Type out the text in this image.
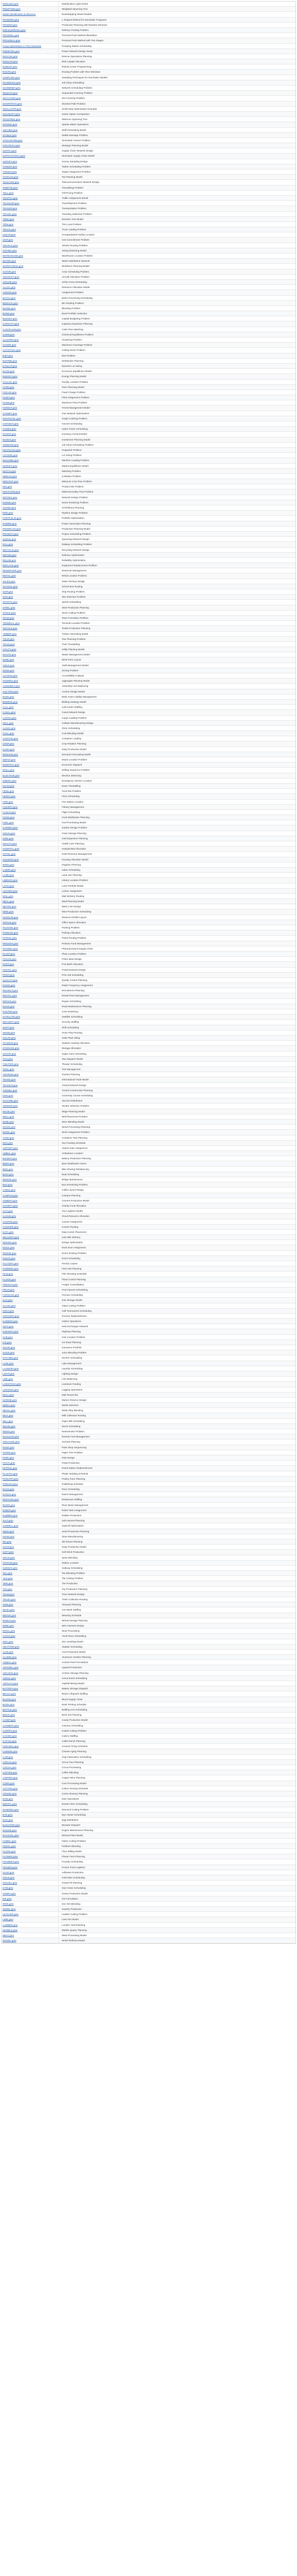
MultiLabel.gms	Multilocation Light Series
PRWPTWM.gms	Weighted Spanning Tree
Model Identification & Inference	Bootstrapping Mixed Models
PRODREF.gms	L-Shaped Method for Stochastic Programs
PRODSP.gms	Production Planning with Random Demand
RefineryDiffusion.gms	Refinery Pooling Problem
PROXDEL.gms	Proximal Point Method Illustration
PROXDEL2.gms	Proximal Point Method with Two Stages
Pump Optimization in Flow Networks	Pumping Station Scheduling
PWNETDS.gms	Power Network Design Study
RESCUE.gms	Rescue Operations Planning
RISKCAP.gms	Risk Capital Allocation
ROBUST.gms	Robust Linear Programming
ROUTE.gms	Routing Problem with Time Windows
SAMPLING.gms	Sampling Techniques for Stochastic Models
SCHEDULE.gms	Job Shop Scheduling
SCHEDNET.gms	Network Scheduling Problem
SEQCOV.gms	Sequential Covering Problem
SETCOVER.gms	Set Covering Problem
SHORTPATH.gms	Shortest Path Problem
SMALLSTEP.gms	Small Step Optimization Example
SOLVEOPT.gms	Solver Option Comparison
SPANTREE.gms	Minimum Spanning Tree
SPARSE.gms	Sparse Matrix Operations
SSCHED.gms	Staff Scheduling Model
STABLE.gms	Stable Marriage Problem
STOCHFARM.gms	Stochastic Farmer Problem
STRATEGY.gms	Strategic Planning Model
SUPPLY.gms	Supply Chain Network Design
SUPPLYSTOCH.gms	Stochastic Supply Chain Model
SURVEY.gms	Survey Sampling Design
TANKER.gms	Tanker Scheduling Problem
TARGET.gms	Target Assignment Problem
TAXPLAN.gms	Tax Planning Model
TELECOM.gms	Telecommunication Network Design
TIMETAB.gms	Timetabling Problem
TOLL.gms	Toll Pricing Problem
TRAFFIC.gms	Traffic Assignment Model
TRANSHIP.gms	Transshipment Problem
TRANSP.gms	Transportation Problem
TRAVEL.gms	Traveling Salesman Problem
TREE.gms	Decision Tree Model
TRIM.gms	Trim Loss Problem
TRUCK.gms	Truck Loading Problem
UNCAP.gms	Uncapacitated Facility Location
UNIT.gms	Unit Commitment Problem
VEHICLE.gms	Vehicle Routing Problem
VOTING.gms	Voting Districting Model
WAREHOUSE.gms	Warehouse Location Problem
WATER.gms	Water Distribution Network
WORKFORCE.gms	Workforce Planning Model
ACTOR.gms	Actor Scheduling Problem
AIRCRAFT.gms	Aircraft Allocation Problem
AIRLINE.gms	Airline Crew Scheduling
ALLOC.gms	Resource Allocation Model
ASSIGN.gms	Assignment Problem
BATCH.gms	Batch Processing Scheduling
BINPACK.gms	Bin Packing Problem
BLEND.gms	Blending Problem
BOND.gms	Bond Portfolio Selection
BUDGET.gms	Capital Budgeting Problem
CAPACITY.gms	Capacity Expansion Planning
CASHFLOW.gms	Cash Flow Matching
CHEM.gms	Chemical Equilibrium Problem
CLUSTER.gms	Clustering Problem
COVER.gms	Maximum Coverage Problem
CUTSTOCK.gms	Cutting Stock Problem
DIET.gms	Diet Problem
DISTRIB.gms	Distribution Planning
DYNLOT.gms	Dynamic Lot Sizing
ECON.gms	Economic Equilibrium Model
ENERGY.gms	Energy Planning Model
FACLOC.gms	Facility Location Problem
FARM.gms	Farm Planning Model
FIXCHG.gms	Fixed Charge Problem
FLEET.gms	Fleet Assignment Problem
FLOW.gms	Maximum Flow Problem
FOREST.gms	Forest Management Model
GASNET.gms	Gas Network Optimization
GRAPHCOL.gms	Graph Coloring Problem
HARVEST.gms	Harvest Scheduling
HYDRO.gms	Hydro Power Scheduling
INVENT.gms	Inventory Control Model
INVEST.gms	Investment Planning Model
JOBSHOP.gms	Job Shop Scheduling Problem
KNAPSACK.gms	Knapsack Problem
LOTSIZE.gms	Lot Sizing Problem
MACHINE.gms	Machine Loading Problem
MARKET.gms	Market Equilibrium Model
MATCH.gms	Matching Problem
MEDIAN.gms	p-Median Problem
MINCOST.gms	Minimum Cost Flow Problem
MIX.gms	Product Mix Problem
MULTICOM.gms	Multicommodity Flow Problem
NETDES.gms	Network Design Problem
NURSE.gms	Nurse Rostering Problem
OILREF.gms	Oil Refinery Planning
PIPE.gms	Pipeline Design Problem
PORTFOLIO.gms	Portfolio Optimization
POWER.gms	Power Generation Planning
PRODPLAN.gms	Production Planning Model
PROJECT.gms	Project Scheduling Problem
QUEUE.gms	Queueing Network Design
RAIL.gms	Railway Scheduling Problem
RECYCLE.gms	Recycling Network Design
REFINE.gms	Refinery Optimization
RELIAB.gms	Reliability Optimization
REPLACE.gms	Equipment Replacement Problem
RESERVOIR.gms	Reservoir Management
RETAIL.gms	Retail Location Problem
SALES.gms	Sales Territory Design
SCHOOL.gms	School Bus Routing
SHIP.gms	Ship Routing Problem
SITE.gms	Site Selection Problem
SPORTS.gms	Sports Scheduling
STEEL.gms	Steel Production Planning
STOCK.gms	Stock Cutting Problem
TEAM.gms	Team Formation Problem
TERMINAL.gms	Terminal Location Problem
TEXTILE.gms	Textile Production Planning
TIMBER.gms	Timber Harvesting Model
TOUR.gms	Tour Planning Problem
TRAIN.gms	Train Timetabling
UTILITY.gms	Utility Planning Model
WASTE.gms	Waste Management Model
WIND.gms	Wind Farm Layout
YIELD.gms	Yield Management Model
ZONE.gms	Zoning Problem
ACCESS.gms	Accessibility Analysis
AGGREG.gms	Aggregate Planning Model
ASSEMBLY.gms	Assembly Line Balancing
AUCTION.gms	Auction Design Model
BANK.gms	Bank Asset Liability Management
BIDDING.gms	Bidding Strategy Model
CALL.gms	Call Center Staffing
CANAL.gms	Canal Network Design
CARGO.gms	Cargo Loading Problem
CELL.gms	Cellular Manufacturing Design
CLINIC.gms	Clinic Scheduling
COAL.gms	Coal Blending Model
CONTAIN.gms	Container Loading
CROP.gms	Crop Rotation Planning
DAIRY.gms	Dairy Production Model
DEMAND.gms	Demand Forecasting Model
DEPOT.gms	Depot Location Problem
DISPATCH.gms	Economic Dispatch
DRILL.gms	Drilling Sequence Problem
ELECTION.gms	Election Districting
EMERG.gms	Emergency Service Location
EXAM.gms	Exam Timetabling
FEED.gms	Feed Mix Problem
FERRY.gms	Ferry Scheduling
FIRE.gms	Fire Station Location
FISHERY.gms	Fishery Management
FLIGHT.gms	Flight Scheduling
FOOD.gms	Food Distribution Planning
FUEL.gms	Fuel Purchasing Model
GARDEN.gms	Garden Design Problem
GRAIN.gms	Grain Storage Planning
GRID.gms	Grid Expansion Planning
HEALTH.gms	Health Care Planning
HOSPITAL.gms	Hospital Bed Allocation
HOTEL.gms	Hotel Revenue Management
HOUSING.gms	Housing Allocation Model
IRRIG.gms	Irrigation Planning
LABOR.gms	Labor Scheduling
LAND.gms	Land Use Planning
LIBRARY.gms	Library Location Problem
LOAN.gms	Loan Portfolio Model
LOCKER.gms	Locker Assignment
MAIL.gms	Mail Delivery Routing
MEAL.gms	Meal Planning Model
METRO.gms	Metro Line Design
MINE.gms	Mine Production Scheduling
MUSEUM.gms	Museum Exhibit Layout
OFFICE.gms	Office Space Allocation
PACKING.gms	Packing Problem
PARKING.gms	Parking Allocation
PATROL.gms	Patrol Routing Problem
PENSION.gms	Pension Fund Management
PHARMA.gms	Pharmaceutical Supply Chain
PLANT.gms	Plant Location Problem
POLICE.gms	Police Beat Design
PORT.gms	Port Berth Allocation
POSTAL.gms	Postal Network Design
PRINT.gms	Print Job Scheduling
QUALITY.gms	Quality Control Planning
RADIO.gms	Radio Frequency Assignment
RECRUIT.gms	Recruitment Planning
RENTAL.gms	Rental Fleet Management
REPAIR.gms	Repair Scheduling
ROAD.gms	Road Maintenance Planning
ROSTER.gms	Crew Rostering
SATELLITE.gms	Satellite Scheduling
SECURITY.gms	Security Staffing
SHIFT.gms	Shift Scheduling
SNOW.gms	Snow Plow Routing
SOLAR.gms	Solar Plant Siting
STADIUM.gms	Stadium Seating Allocation
STORAGE.gms	Storage Allocation
SUGAR.gms	Sugar Cane Harvesting
TAXI.gms	Taxi Dispatch Model
THEATER.gms	Theater Scheduling
TOOL.gms	Tool Management
TOURISM.gms	Tourism Planning
TRADE.gms	International Trade Model
TRANSIT.gms	Transit Network Design
TUNNEL.gms	Tunnel Construction Planning
UNIV.gms	University Course Scheduling
VACCINE.gms	Vaccine Distribution
VENDOR.gms	Vendor Selection Problem
WAGE.gms	Wage Planning Model
WELL.gms	Well Placement Problem
WINE.gms	Wine Blending Model
WOOD.gms	Wood Processing Planning
WORK.gms	Work Assignment Problem
YARD.gms	Container Yard Planning
ZOO.gms	Zoo Feeding Schedule
AIRPORT.gms	Airport Gate Assignment
AMBUL.gms	Ambulance Location
BAKERY.gms	Bakery Production Planning
BEER.gms	Beer Distribution Game
BIKE.gms	Bike Sharing Rebalancing
BOAT.gms	Boat Scheduling
BRIDGE.gms	Bridge Maintenance
BUS.gms	Bus Scheduling Problem
CABLE.gms	Cable Layout Design
CAMPUS.gms	Campus Planning
CEMENT.gms	Cement Production Model
CHARITY.gms	Charity Fund Allocation
CITY.gms	City Logistics Model
CLOUD.gms	Cloud Resource Allocation
COURSE.gms	Course Assignment
COURIER.gms	Courier Routing
DATA.gms	Data Center Placement
DELIVERY.gms	Last Mile Delivery
DESIGN.gms	Design Optimization
DOCK.gms	Dock Door Assignment
DRONE.gms	Drone Routing Problem
EVENT.gms	Event Scheduling
FACTORY.gms	Factory Layout
FARMMIX.gms	Farm Mix Planning
FILM.gms	Film Shooting Schedule
FLOOD.gms	Flood Control Planning
FREIGHT.gms	Freight Consolidation
FRUIT.gms	Fruit Harvest Scheduling
FURNACE.gms	Furnace Scheduling
GAS.gms	Gas Storage Model
GLASS.gms	Glass Cutting Problem
GOLF.gms	Golf Tournament Scheduling
GROCERY.gms	Grocery Replenishment
HARBOR.gms	Harbor Operations
HEAT.gms	Heat Exchanger Network
HIGHWAY.gms	Highway Planning
HUB.gms	Hub Location Problem
ICE.gms	Ice Road Planning
INSUR.gms	Insurance Portfolio
JUICE.gms	Juice Blending Problem
KITCHEN.gms	Kitchen Scheduling
LAKE.gms	Lake Management
LAUNDRY.gms	Laundry Scheduling
LIGHT.gms	Lighting Design
LINE.gms	Line Balancing
LIVESTOCK.gms	Livestock Feeding
LOGGING.gms	Logging Operations
MALL.gms	Mall Tenant Mix
MARINE.gms	Marine Reserve Design
MEDIA.gms	Media Selection
METAL.gms	Metal Alloy Blending
MILK.gms	Milk Collection Routing
MILL.gms	Paper Mill Scheduling
MOVIE.gms	Movie Scheduling
NEWS.gms	Newsvendor Problem
NUCLEAR.gms	Nuclear Fuel Management
ORCHARD.gms	Orchard Planning
PAINT.gms	Paint Shop Sequencing
PAPER.gms	Paper Trim Problem
PARK.gms	Park Design
PASTA.gms	Pasta Production
PETROL.gms	Petrol Station Replenishment
PLASTIC.gms	Plastic Molding Schedule
POULTRY.gms	Poultry Farm Planning
PUBLISH.gms	Publishing Schedule
RACE.gms	Race Scheduling
RANCH.gms	Ranch Management
RESTAUR.gms	Restaurant Staffing
RIVER.gms	River Basin Management
ROBOT.gms	Robot Task Assignment
RUBBER.gms	Rubber Production
SALT.gms	Salt Harvest Planning
SAWMILL.gms	Sawmill Optimization
SEED.gms	Seed Production Planning
SHOE.gms	Shoe Manufacturing
SKI.gms	Ski Resort Planning
SOAP.gms	Soap Production Model
SOFT.gms	Soft Drink Production
SPICE.gms	Spice Blending
STATION.gms	Station Location
SUBWAY.gms	Subway Scheduling
TEA.gms	Tea Blending Problem
TILE.gms	Tile Cutting Problem
TIRE.gms	Tire Production
TOY.gms	Toy Production Planning
TRAM.gms	Tram Network Design
TRASH.gms	Trash Collection Routing
VINE.gms	Vineyard Planning
WASH.gms	Car Wash Staffing
WEAVE.gms	Weaving Schedule
WHEAT.gms	Wheat Storage Planning
WIRE.gms	Wire Harness Design
WOOL.gms	Wool Processing
YACHT.gms	Yacht Race Scheduling
ZINC.gms	Zinc Smelting Model
ABATTOIR.gms	Abattoir Scheduling
ACID.gms	Acid Production Model
ALUMIN.gms	Aluminum Smelter Planning
ANIMAL.gms	Animal Feed Formulation
APPAREL.gms	Apparel Production
ARCHIVE.gms	Archive Storage Planning
ARENA.gms	Arena Event Scheduling
ASPHALT.gms	Asphalt Mixing Model
BATTERY.gms	Battery Storage Dispatch
BEACH.gms	Beach Lifeguard Staffing
BLOOD.gms	Blood Supply Chain
BOOK.gms	Book Printing Schedule
BOTTLE.gms	Bottling Line Scheduling
BRICK.gms	Brick Kiln Planning
CANDY.gms	Candy Production Model
CANNERY.gms	Cannery Scheduling
CARPET.gms	Carpet Cutting Problem
CASINO.gms	Casino Staffing
CATTLE.gms	Cattle Ranch Planning
CERAMIC.gms	Ceramic Firing Schedule
CHEESE.gms	Cheese Aging Planning
CHIP.gms	Chip Fabrication Scheduling
CIRCUS.gms	Circus Tour Planning
COCOA.gms	Cocoa Processing
COFFEE.gms	Coffee Blending
COPPER.gms	Copper Mine Planning
CORN.gms	Corn Processing Model
COTTON.gms	Cotton Ginning Schedule
CRUISE.gms	Cruise Itinerary Planning
DAM.gms	Dam Operations
DENTAL.gms	Dental Clinic Scheduling
DIAMOND.gms	Diamond Cutting Problem
DYE.gms	Dye House Scheduling
EGG.gms	Egg Distribution
ELEVATOR.gms	Elevator Dispatch
ENGINE.gms	Engine Maintenance Planning
ETHANOL.gms	Ethanol Plant Model
FABRIC.gms	Fabric Cutting Problem
FERTIL.gms	Fertilizer Blending
FLOUR.gms	Flour Milling Model
FLOWER.gms	Flower Farm Planning
FOUNDRY.gms	Foundry Scheduling
FROZEN.gms	Frozen Food Logistics
GLUE.gms	Adhesive Production
GOLD.gms	Gold Mine Scheduling
GRAVEL.gms	Gravel Pit Planning
GYM.gms	Gym Class Scheduling
HONEY.gms	Honey Production Model
INK.gms	Ink Formulation
IRON.gms	Iron Ore Blending
JEWEL.gms	Jewelry Production
LEATHER.gms	Leather Cutting Problem
LIME.gms	Lime Kiln Model
LUMBER.gms	Lumber Yard Planning
MARBLE.gms	Marble Quarry Planning
MEAT.gms	Meat Processing Model
NICKEL.gms	Nickel Refinery Model
